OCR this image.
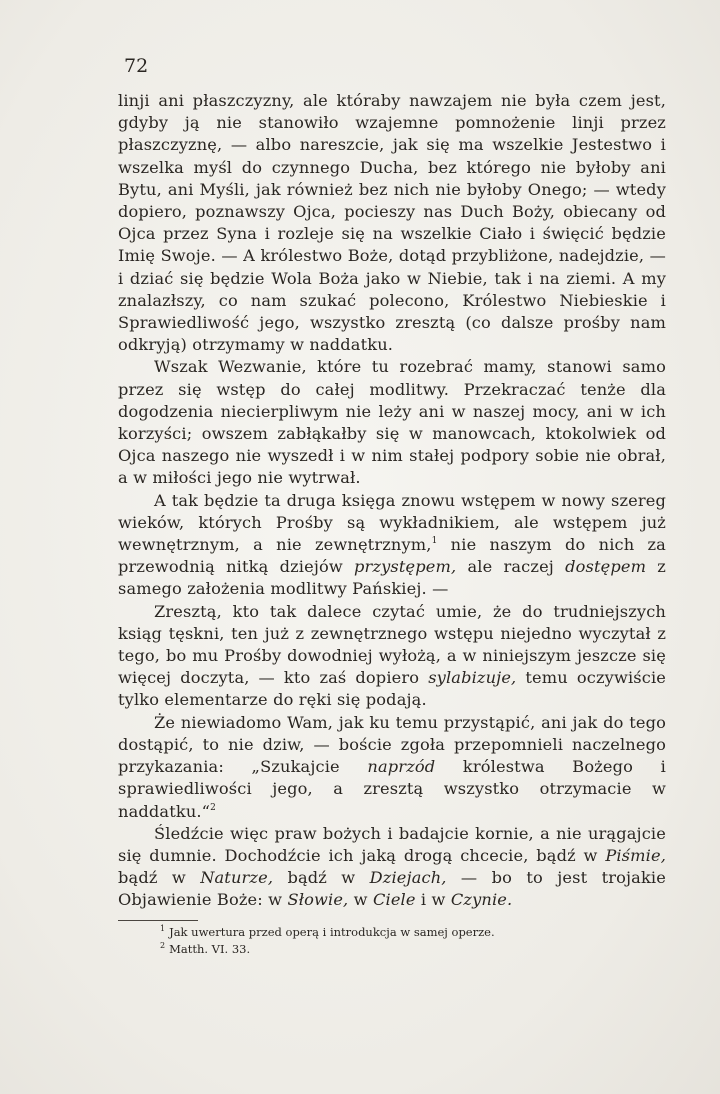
72

linji ani płaszczyzny, ale któraby nawzajem nie była czem jest, gdyby ją nie stanowiło wzajemne pomnożenie linji przez płaszczyznę, — albo nareszcie, jak się ma wszelkie Jestestwo i wszelka myśl do czynnego Ducha, bez którego nie byłoby ani Bytu, ani Myśli, jak również bez nich nie byłoby Onego; — wtedy dopiero, poznawszy Ojca, pocieszy nas Duch Boży, obiecany od Ojca przez Syna i rozleje się na wszelkie Ciało i święcić będzie Imię Swoje. — A królestwo Boże, dotąd przybliżone, nadejdzie, — i dziać się będzie Wola Boża jako w Niebie, tak i na ziemi. A my znalazłszy, co nam szukać polecono, Królestwo Niebieskie i Sprawiedliwość jego, wszystko zresztą (co dalsze prośby nam odkryją) otrzymamy w naddatku.

Wszak Wezwanie, które tu rozebrać mamy, stanowi samo przez się wstęp do całej modlitwy. Przekraczać tenże dla dogodzenia niecierpliwym nie leży ani w naszej mocy, ani w ich korzyści; owszem zabłąkałby się w manowcach, ktokolwiek od Ojca naszego nie wyszedł i w nim stałej podpory sobie nie obrał, a w miłości jego nie wytrwał.

A tak będzie ta druga księga znowu wstępem w nowy szereg wieków, których Prośby są wykładnikiem, ale wstępem już wewnętrznym, a nie zewnętrznym,$^1$ nie naszym do nich za przewodnią nitką dziejów przystępem, ale raczej dostępem z samego założenia modlitwy Pańskiej. —

Zresztą, kto tak dalece czytać umie, że do trudniejszych ksiąg tęskni, ten już z zewnętrznego wstępu niejedno wyczytał z tego, bo mu Prośby dowodniej wyłożą, a w niniejszym jeszcze się więcej doczyta, — kto zaś dopiero sylabizuje, temu oczywiście tylko elementarze do ręki się podają.

Że niewiadomo Wam, jak ku temu przystąpić, ani jak do tego dostąpić, to nie dziw, — boście zgoła przepomnieli naczelnego przykazania: „Szukajcie naprzód królestwa Bożego i sprawiedliwości jego, a zresztą wszystko otrzymacie w naddatku.“$^2$

Śledźcie więc praw bożych i badajcie kornie, a nie urągajcie się dumnie. Dochodźcie ich jaką drogą chcecie, bądź w Piśmie, bądź w Naturze, bądź w Dziejach, — bo to jest trojakie Objawienie Boże: w Słowie, w Ciele i w Czynie.

$^1$ Jak uwertura przed operą i introdukcja w samej operze.
$^2$ Matth. VI. 33.
